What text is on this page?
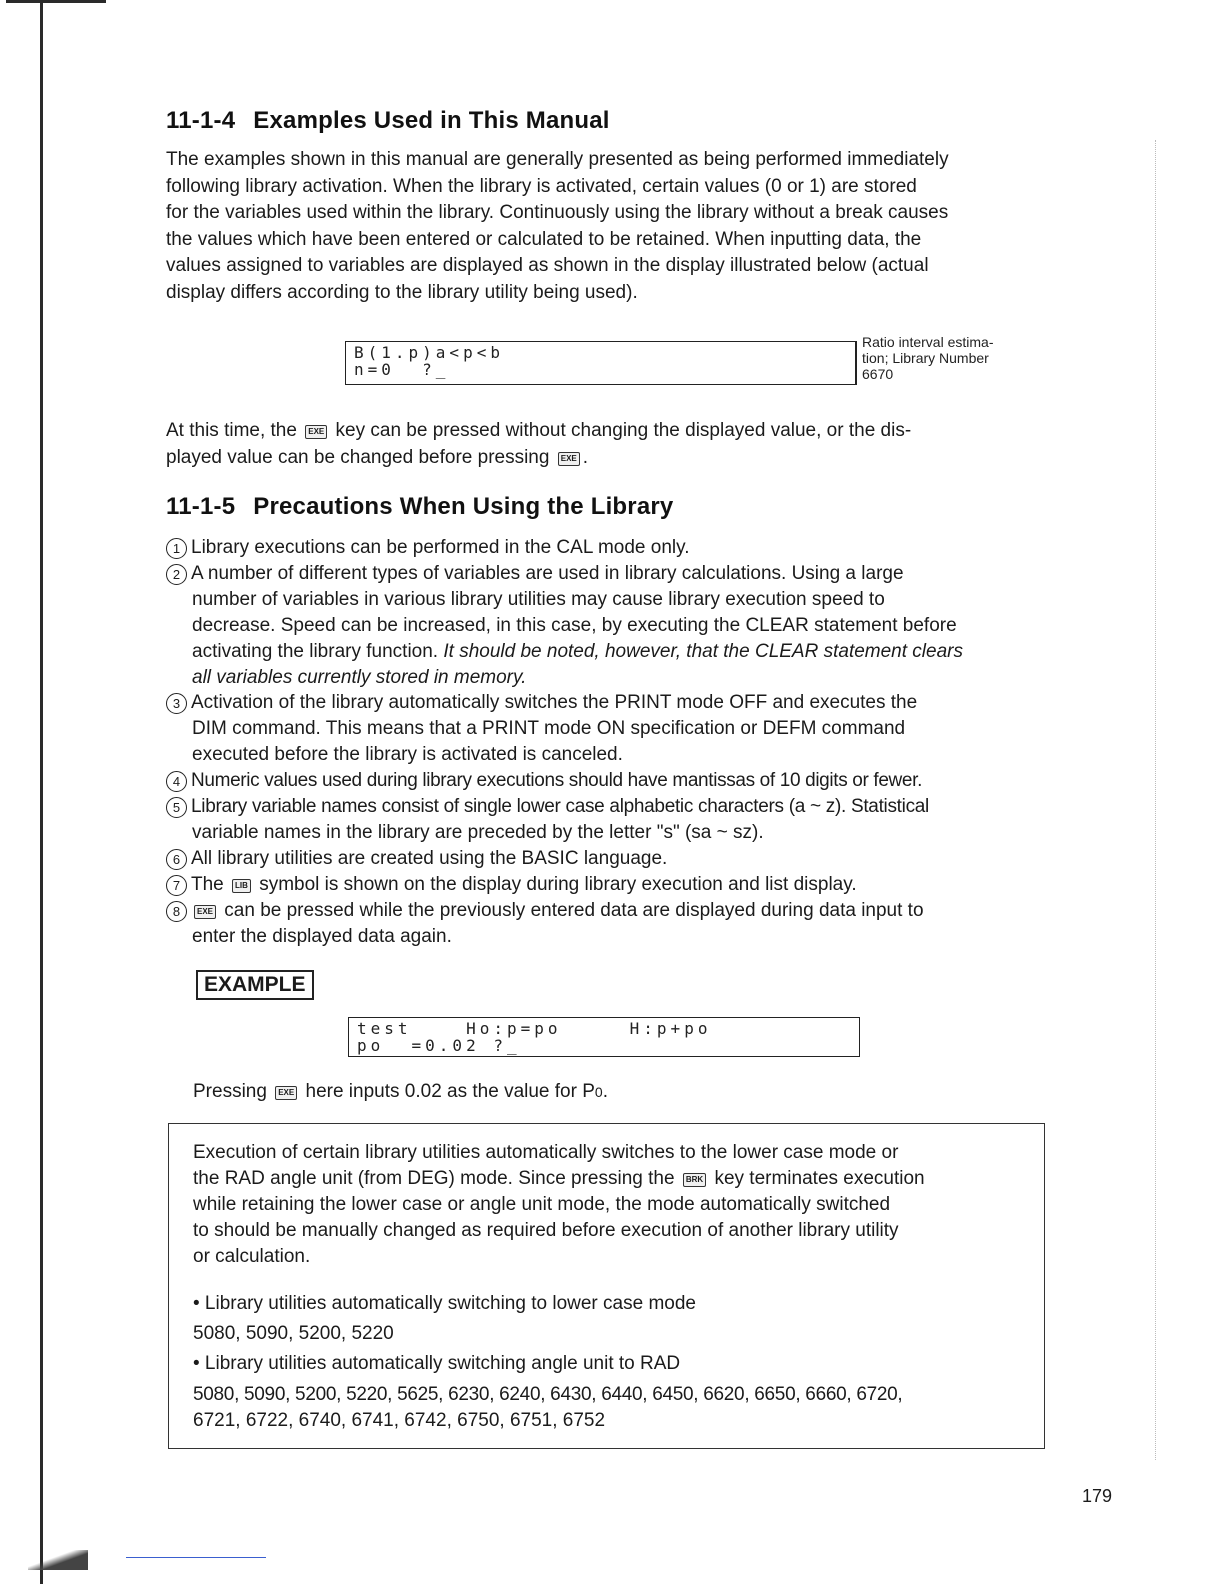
11-1-4 Examples Used in This Manual
The examples shown in this manual are generally presented as being performed immediately
following library activation. When the library is activated, certain values (0 or 1) are stored
for the variables used within the library. Continuously using the library without a break causes
the values which have been entered or calculated to be retained. When inputting data, the
values assigned to variables are displayed as shown in the display illustrated below (actual
display differs according to the library utility being used).
B(1.p)a<p<b
n=0  ?_
Ratio interval estima-
tion; Library Number
6670
At this time, the EXE key can be pressed without changing the displayed value, or the dis-
played value can be changed before pressing EXE .
11-1-5 Precautions When Using the Library
1 Library executions can be performed in the CAL mode only.
2 A number of different types of variables are used in library calculations. Using a large
number of variables in various library utilities may cause library execution speed to
decrease. Speed can be increased, in this case, by executing the CLEAR statement before
activating the library function. It should be noted, however, that the CLEAR statement clears
all variables currently stored in memory.
3 Activation of the library automatically switches the PRINT mode OFF and executes the
DIM command. This means that a PRINT mode ON specification or DEFM command
executed before the library is activated is canceled.
4 Numeric values used during library executions should have mantissas of 10 digits or fewer.
5 Library variable names consist of single lower case alphabetic characters (a ~ z). Statistical
variable names in the library are preceded by the letter "s" (sa ~ sz).
6 All library utilities are created using the BASIC language.
7 The LIB symbol is shown on the display during library execution and list display.
8 EXE can be pressed while the previously entered data are displayed during data input to
enter the displayed data again.
EXAMPLE
test    Ho:p=po     H:p+po
po  =0.02 ?_
Pressing EXE here inputs 0.02 as the value for P0.
Execution of certain library utilities automatically switches to the lower case mode or
the RAD angle unit (from DEG) mode. Since pressing the BRK key terminates execution
while retaining the lower case or angle unit mode, the mode automatically switched
to should be manually changed as required before execution of another library utility
or calculation.
• Library utilities automatically switching to lower case mode
5080, 5090, 5200, 5220
• Library utilities automatically switching angle unit to RAD
5080, 5090, 5200, 5220, 5625, 6230, 6240, 6430, 6440, 6450, 6620, 6650, 6660, 6720,
6721, 6722, 6740, 6741, 6742, 6750, 6751, 6752
179
